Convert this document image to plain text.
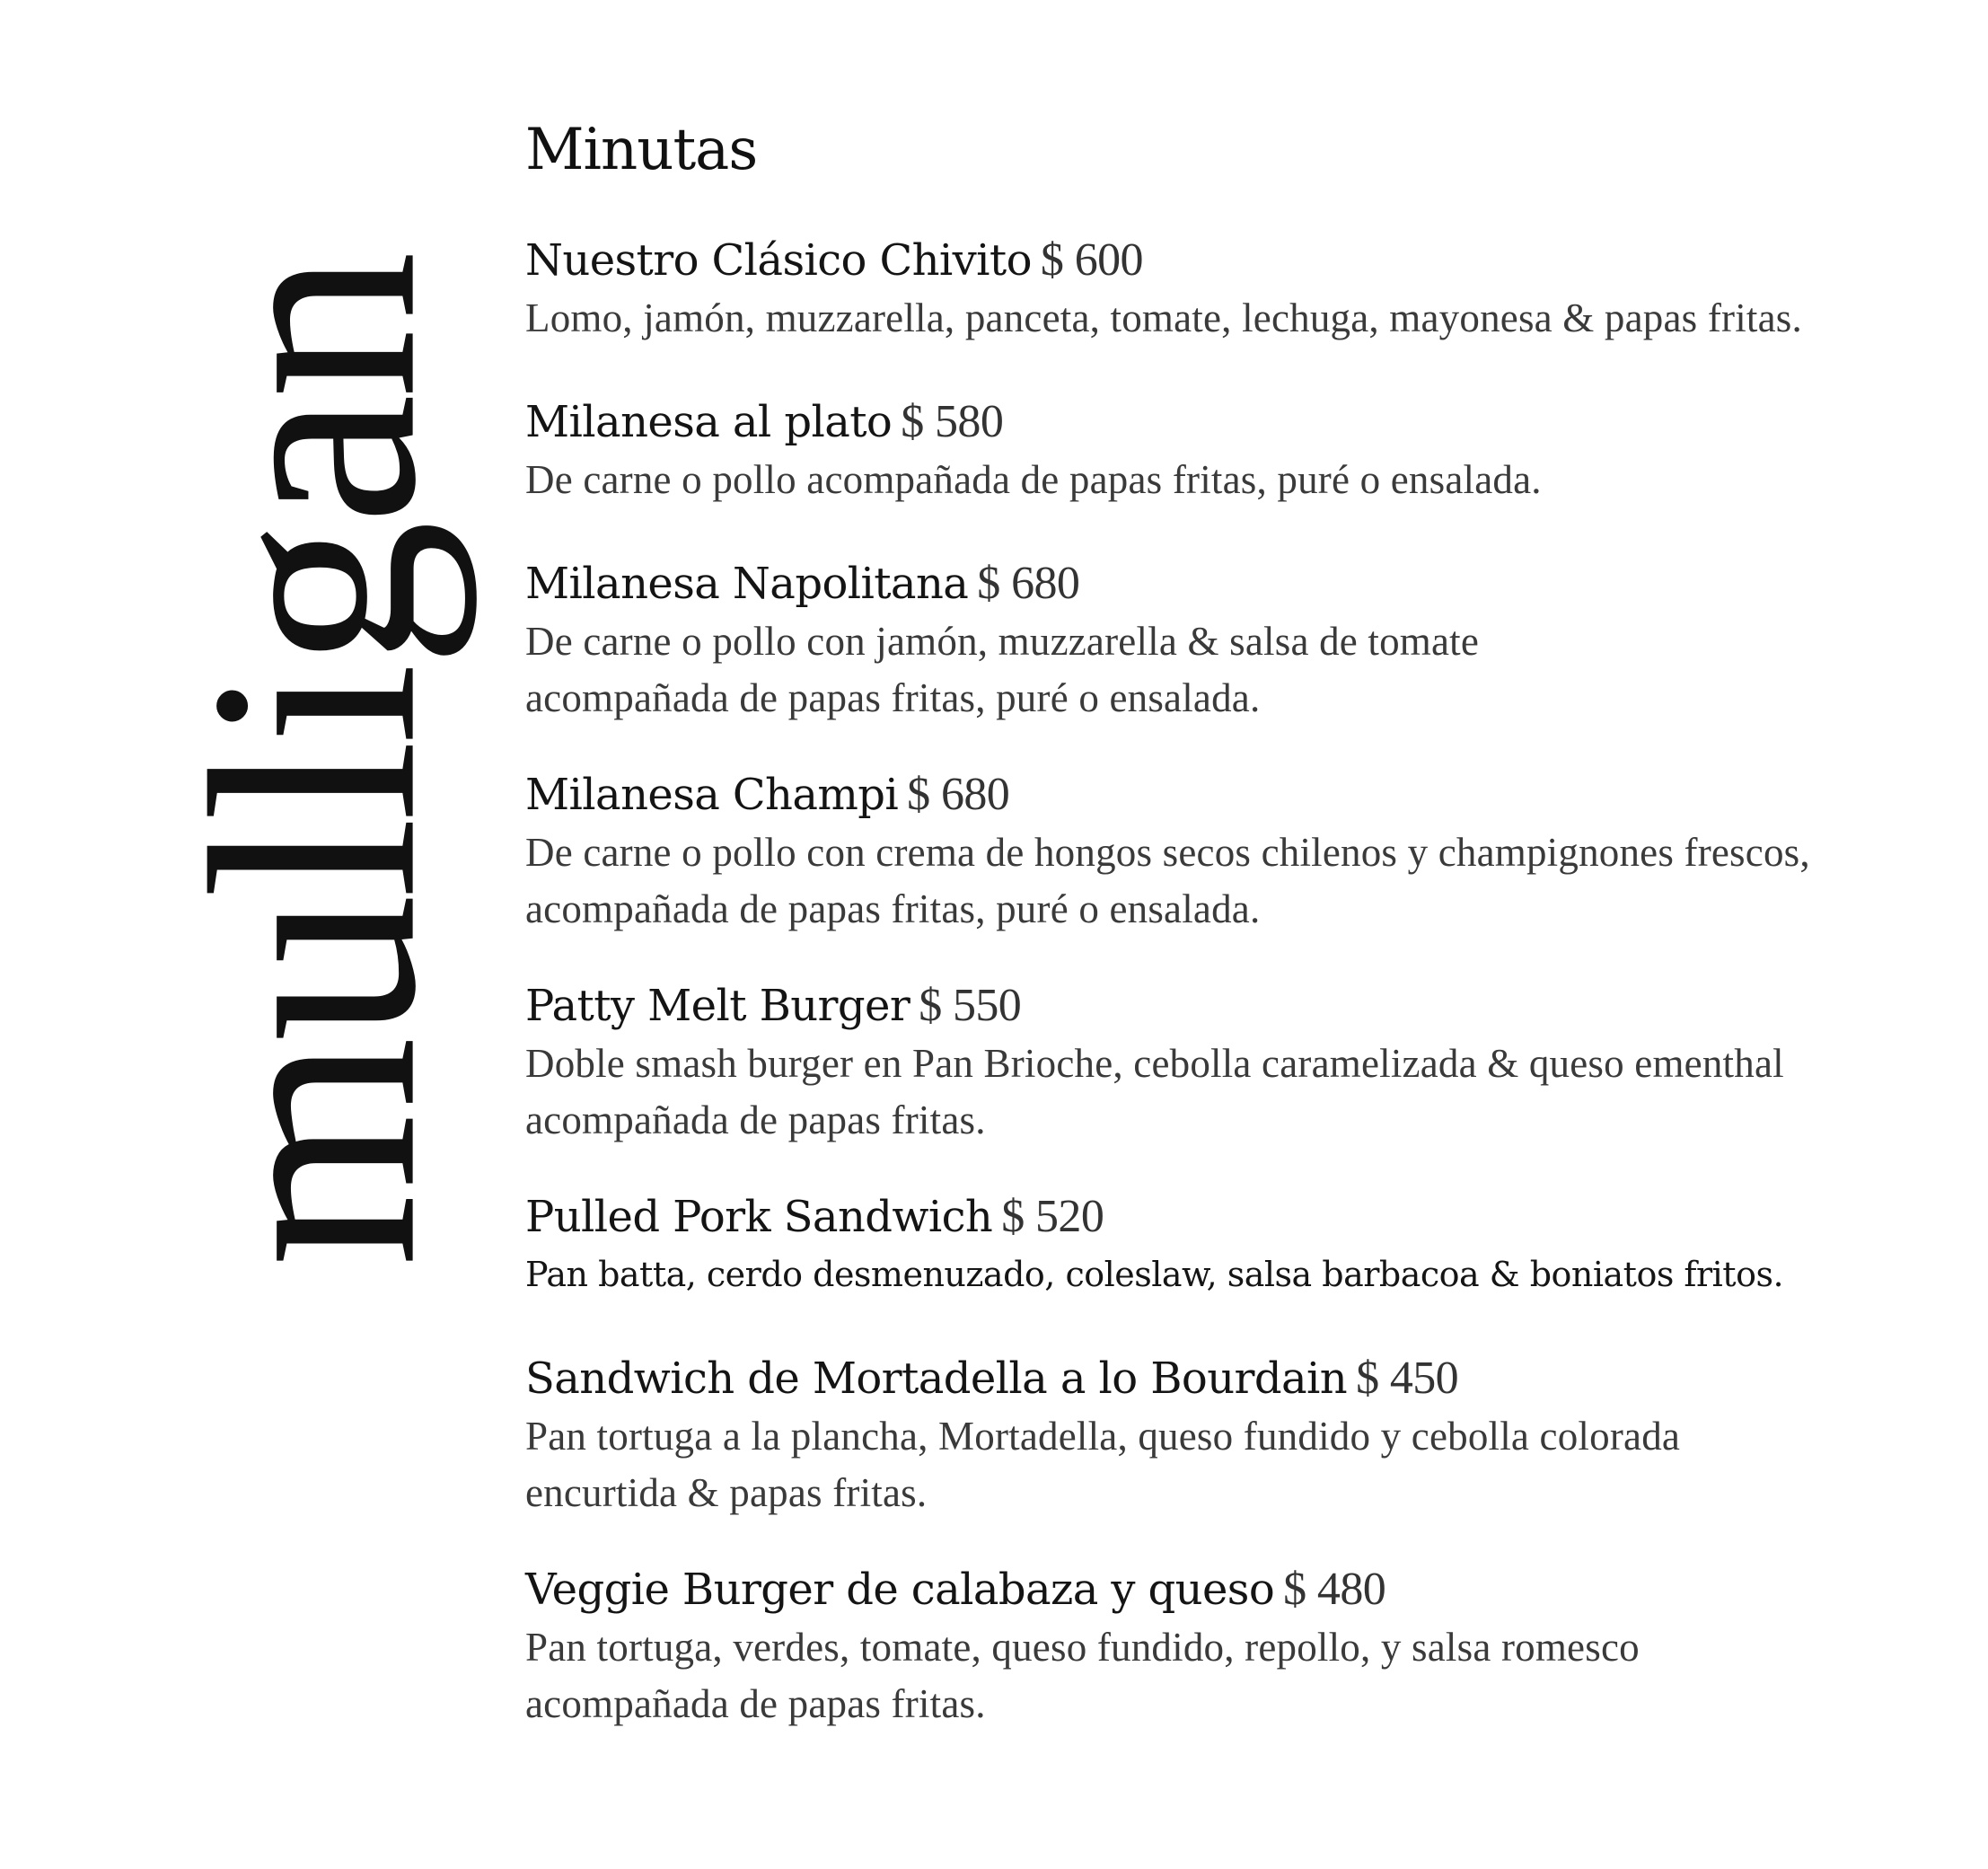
mulligan
Minutas
Nuestro Clásico Chivito $ 600
Lomo, jamón, muzzarella, panceta, tomate, lechuga, mayonesa & papas fritas.
Milanesa al plato $ 580
De carne o pollo acompañada de papas fritas, puré o ensalada.
Milanesa Napolitana $ 680
De carne o pollo con jamón, muzzarella & salsa de tomate
acompañada de papas fritas, puré o ensalada.
Milanesa Champi $ 680
De carne o pollo con crema de hongos secos chilenos y champignones frescos,
acompañada de papas fritas, puré o ensalada.
Patty Melt Burger $ 550
Doble smash burger en Pan Brioche, cebolla caramelizada & queso ementhal
acompañada de papas fritas.
Pulled Pork Sandwich $ 520
Pan batta, cerdo desmenuzado, coleslaw, salsa barbacoa & boniatos fritos.
Sandwich de Mortadella a lo Bourdain $ 450
Pan tortuga a la plancha, Mortadella, queso fundido y cebolla colorada
encurtida & papas fritas.
Veggie Burger de calabaza y queso $ 480
Pan tortuga, verdes, tomate, queso fundido, repollo, y salsa romesco
acompañada de papas fritas.
